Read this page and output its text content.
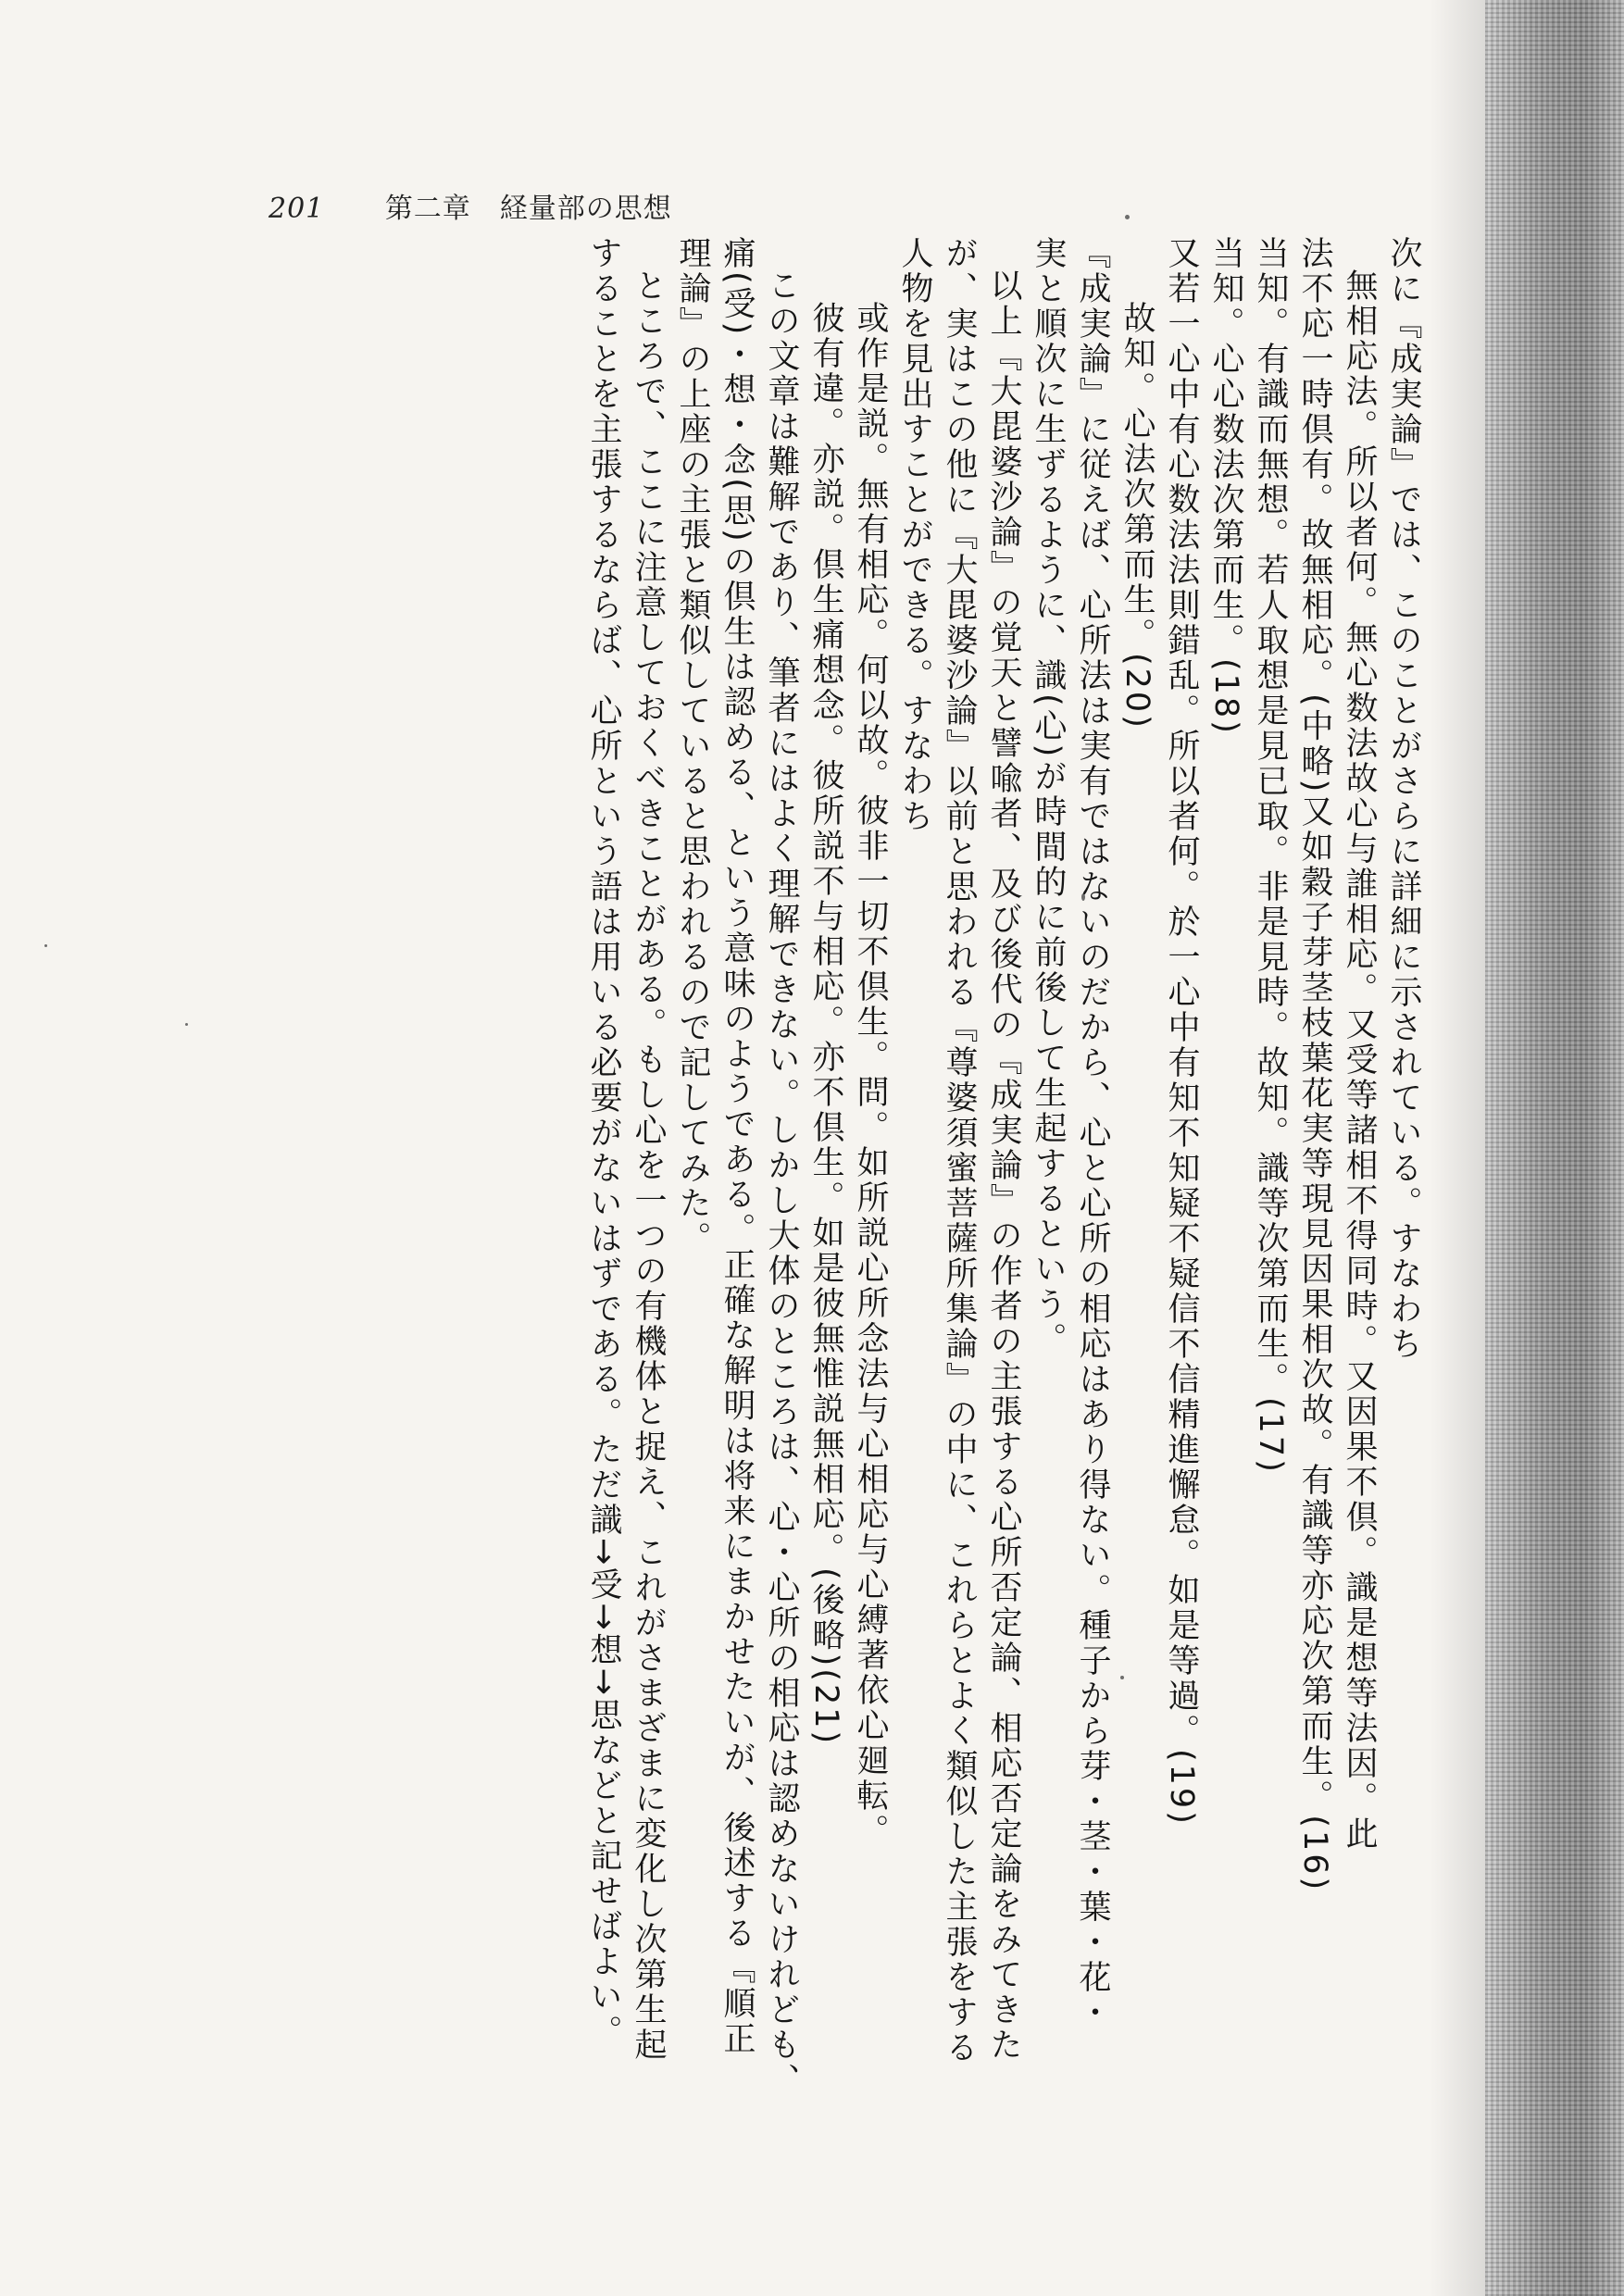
201 第二章　経量部の思想
次に『成実論』では、このことがさらに詳細に示されている。すなわち
無相応法。所以者何。無心数法故心与誰相応。又受等諸相不得同時。又因果不倶。識是想等法因。此
法不応一時倶有。故無相応。(中略)又如穀子芽茎枝葉花実等現見因果相次故。有識等亦応次第而生。(16)
当知。有識而無想。若人取想是見已取。非是見時。故知。識等次第而生。(17)
当知。心心数法次第而生。(18)
又若一心中有心数法法則錯乱。所以者何。於一心中有知不知疑不疑信不信精進懈怠。如是等過。(19)
故知。心法次第而生。(20)
『成実論』に従えば、心所法は実有ではないのだから、心と心所の相応はあり得ない。種子から芽・茎・葉・花・
実と順次に生ずるように、識(心)が時間的に前後して生起するという。
以上『大毘婆沙論』の覚天と譬喩者、及び後代の『成実論』の作者の主張する心所否定論、相応否定論をみてきた
が、実はこの他に『大毘婆沙論』以前と思われる『尊婆須蜜菩薩所集論』の中に、これらとよく類似した主張をする
人物を見出すことができる。すなわち
或作是説。無有相応。何以故。彼非一切不倶生。問。如所説心所念法与心相応与心縛著依心廻転。
彼有違。亦説。倶生痛想念。彼所説不与相応。亦不倶生。如是彼無惟説無相応。(後略)(21)
この文章は難解であり、筆者にはよく理解できない。しかし大体のところは、心・心所の相応は認めないけれども、
痛(受)・想・念(思)の倶生は認める、という意味のようである。正確な解明は将来にまかせたいが、後述する『順正
理論』の上座の主張と類似していると思われるので記してみた。
ところで、ここに注意しておくべきことがある。もし心を一つの有機体と捉え、これがさまざまに変化し次第生起
することを主張するならば、心所という語は用いる必要がないはずである。ただ識→受→想→思などと記せばよい。
